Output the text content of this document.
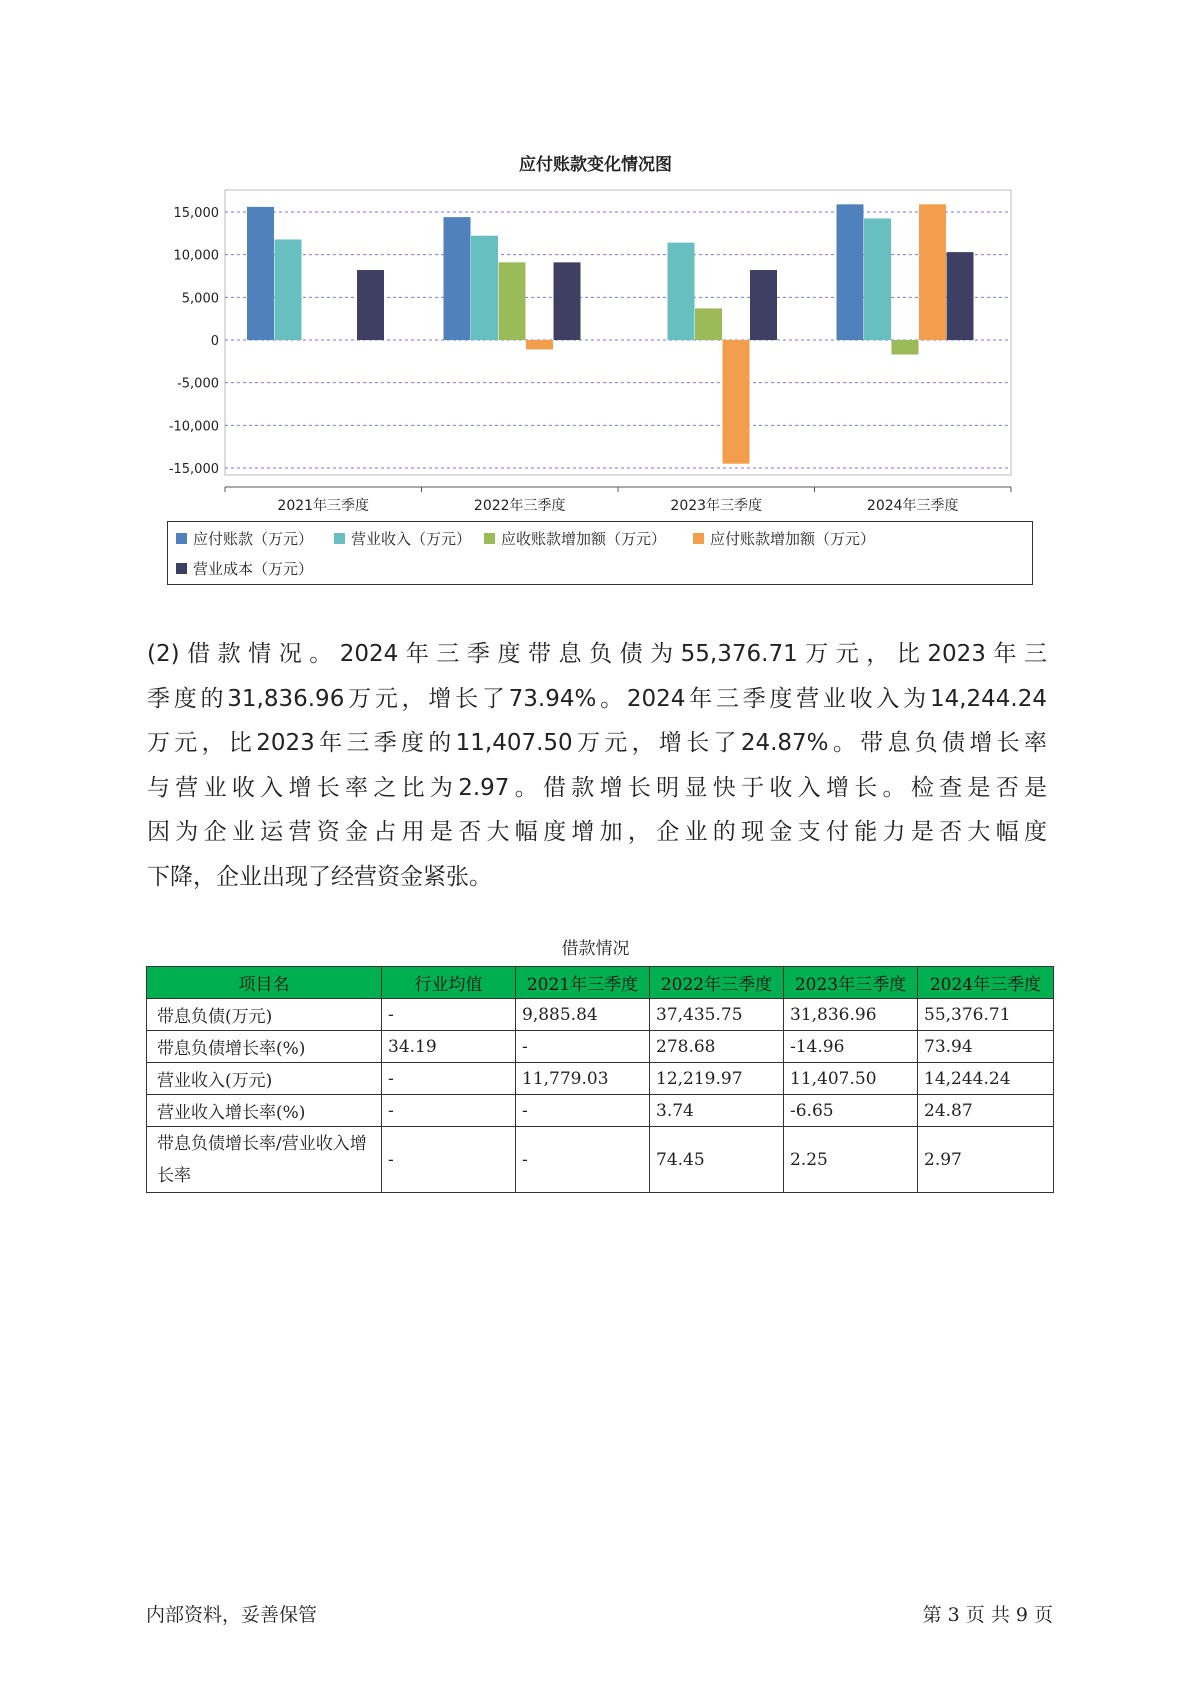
应付账款变化情况图
15,000
10,000
5,000
0
-5,000
-10,000
-15,000
2021年三季度	2022年三季度	2023年三季度	2024年三季度
应付账款（万元）	营业收入（万元） 应收账款增加额（万元）	应付账款增加额（万元）
营业成本（万元）
(2)借款情况。2024年三季度带息负债为55,376.71万元，比2023年三
季度的31,836.96万元，增长了73.94%。2024年三季度营业收入为14,244.24
万元，比2023年三季度的11,407.50万元，增长了24.87%。带息负债增长率
与营业收入增长率之比为2.97。借款增长明显快于收入增长。检查是否是
因为企业运营资金占用是否大幅度增加，企业的现金支付能力是否大幅度
下降，企业出现了经营资金紧张。
借款情况
项目名	行业均值	2021年三季度	2022年三季度	2023年三季度	2024年三季度
带息负债(万元)	-	9,885.84	37,435.75	31,836.96	55,376.71
带息负债增长率(%)	34.19	-	278.68	-14.96	73.94
营业收入(万元)	-	11,779.03	12,219.97	11,407.50	14,244.24
营业收入增长率(%)	-	-	3.74	-6.65	24.87
带息负债增长率/营业收入增长率	-	-	74.45	2.25	2.97
内部资料，妥善保管	第 3 页 共 9 页
